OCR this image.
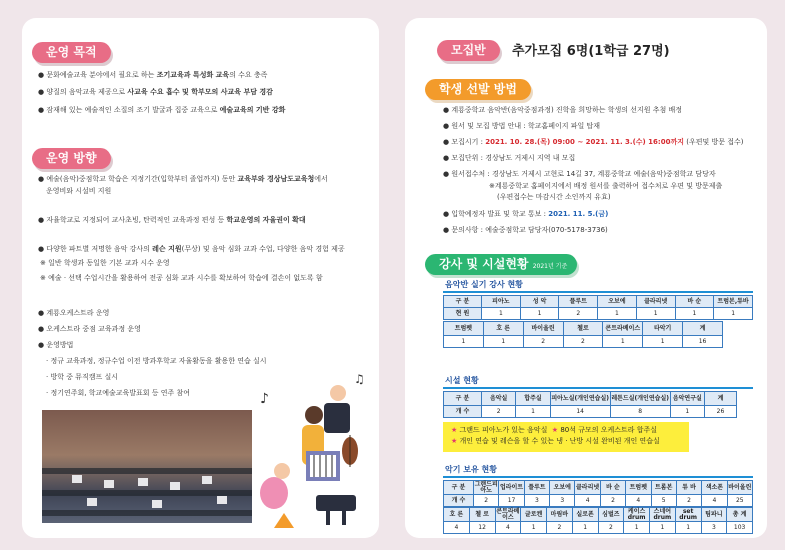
운영 목적
● 문화예술교육 분야에서 필요로 하는 조기교육과 특성화 교육의 수요 충족
● 양질의 음악교육 제공으로 사교육 수요 흡수 및 학부모의 사교육 부담 경감
● 잠재해 있는 예술적인 소질의 조기 발굴과 집중 교육으로 예술교육의 기반 강화
운영 방향
● 예술(음악)중점학교 학습은 지정기간(입학부터 졸업까지) 동안 교육부와 경상남도교육청에서
운영비와 시설비 지원
● 자율학교로 지정되어 교사초빙, 탄력적인 교육과정 편성 등 학교운영의 자율권이 확대
● 다양한 파트별 저명한 음악 강사의 레슨 지원(무상) 및 음악 심화 교과 수업, 다양한 음악 경험 제공
※ 일반 학생과 동일한 기본 교과 시수 운영
※ 예술 · 선택 수업시간을 활용하여 전공 심화 교과 시수를 확보하여 학습에 결손이 없도록 함
● 계룡오케스트라 운영
● 오케스트라 중점 교육과정 운영
● 운영방법
· 정규 교육과정, 정규수업 이전 방과후학교 자율활동을 활용한 연습 실시
· 방학 중 뮤직캠프 실시
· 정기연주회, 학교예술교육발표회 등 연주 참여	♪
♫
모집반	추가모집 6명(1학급 27명)
학생 선발 방법
● 계룡중학교 음악반(음악중점과정) 진학을 희망하는 학생의 선지원 추첨 배정
● 원서 및 모집 방법 안내 : 학교홈페이지 파일 탑재
● 모집시기 : 2021. 10. 28.(목) 09:00 ~ 2021. 11. 3.(수) 16:00까지 (우편및 방문 접수)
● 모집단위 : 경상남도 거제시 지역 내 모집
● 원서접수처 : 경상남도 거제시 고현로 14길 37, 계룡중학교 예술(음악)중점학교 담당자
※계룡중학교 홈페이지에서 배정 원서를 출력하여 접수처로 우편 및 방문제출
(우편접수는 마감시간 소인까지 유효)
● 입학예정자 발표 및 학교 통보 : 2021. 11. 5.(금)
● 문의사항 : 예술중점학교 담당자(070-5178-3736)
강사 및 시설현황 2021년 기준
음악반 실기 강사 현황
구 분	피아노	성 악	플루트	오보에	클라리넷	바 순	트럼본,튜바
현 원	1	1	2	1	1	1	1
트럼펫	호 른	바이올린	첼로	콘트라베이스	타악기	계
1	1	2	2	1	1	16
시설 현황
구 분	음악실	합주실	피아노실(개인연습실)	레튼드실(개인연습실)	음악연구실	계
개 수	2	1	14	8	1	26
★ 그랜드 피아노가 있는 음악실 ★ 80석 규모의 오케스트라 합주실
★ 개인 연습 및 레슨을 할 수 있는 냉 · 난방 시설 완비된 개인 연습실
악기 보유 현황
구 분	그랜드피아노	업라이트	플루트	오보에	클라리넷	바 순	트럼펫	트롬본	튜 바	색소폰	바이올린
개 수	2	17	3	3	4	2	4	5	2	4	25
호 른	첼 로	콘트라베이스	글로켄	마림바	실로폰	심벌즈	케이스drum	스네어drum	set drum	팀파니	총 계
4	12	4	1	2	1	2	1	1	1	3	103
